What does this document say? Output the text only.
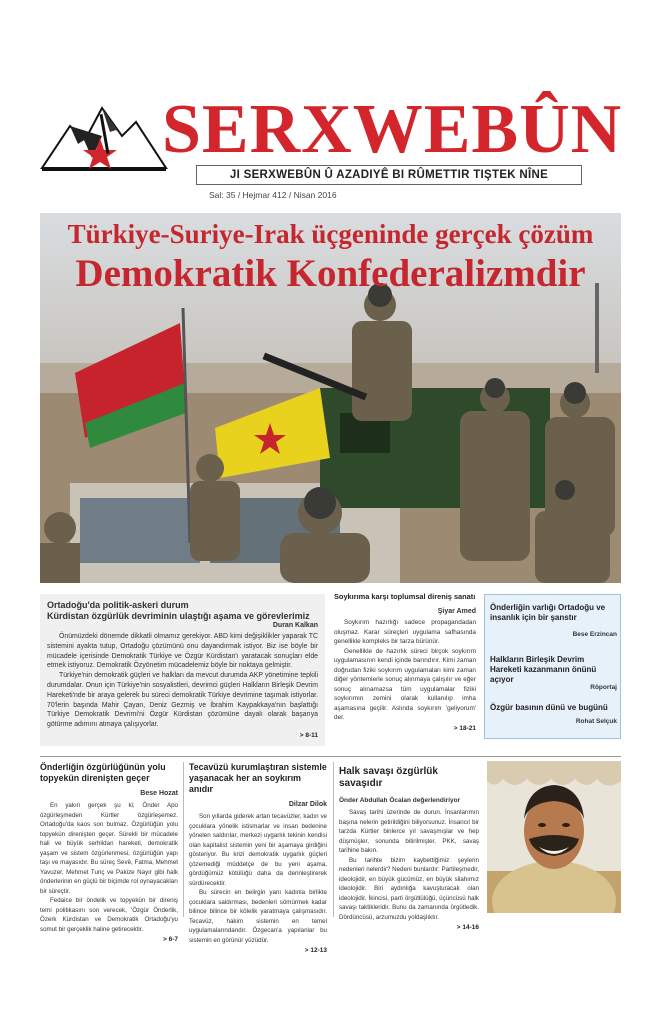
SERXWEBÛN
JI SERXWEBÛN Û AZADIYÊ BI RÛMETTIR TIŞTEK NÎNE
Sal: 35 / Hejmar 412 / Nisan 2016
Türkiye-Suriye-Irak üçgeninde gerçek çözüm
Demokratik Konfederalizmdir
Ortadoğu'da politik-askeri durum
Kürdistan özgürlük devriminin ulaştığı aşama ve görevlerimiz
Duran Kalkan

Önümüzdeki dönemde dikkatli olmamız gerekiyor. ABD kimi değişiklikler yaparak TC sistemini ayakta tutup, Ortadoğu çözümünü onu dayandırmak istiyor. Biz ise böyle bir mücadele içerisinde Demokratik Türkiye ve Özgür Kürdistan'ı yaratacak sonuçları elde etmek istiyoruz. Demokratik Özyönetim mücadelemiz böyle bir noktaya gelmiştir.

Türkiye'nin demokratik güçleri ve halkları da mevcut durumda AKP yönetimine tepkili durumdalar. Onun için Türkiye'nin sosyalistleri, devrimci güçleri Halkların Birleşik Devrim Hareketi'nde bir araya gelerek bu süreci demokratik Türkiye devrimine taşımak istiyorlar. 70'lerin başında Mahir Çayan, Deniz Gezmiş ve İbrahim Kaypakkaya'nın başlattığı Türkiye Demokratik Devrimi'ni Özgür Kürdistan çözümüne dayalı olarak başarıya götürme adımını atmaya çalışıyorlar.

> 8-11
Soykırıma karşı toplumsal direniş sanatı
Şiyar Amed

Soykırım hazırlığı sadece propagandadan oluşmaz. Karar süreçleri uygulama safhasında genellikle kompleks bir tarza bürünür.

Genellikle de hazırlık süreci birçok soykırım uygulamasının kendi içinde barındırır. Kimi zaman doğrudan fiziki soykırım uygulamaları kimi zaman diğer yöntemlerle sonuç alınmaya çalışılır ve eğer sonuç alınamazsa tüm uygulamalar fiziki soykırımın zemini olarak kullanılıp imha aşamasına geçilir. Aslında soykırım 'geliyorum' der.

> 18-21
Önderliğin varlığı Ortadoğu ve insanlık için bir şanstır
Bese Erzincan
Halkların Birleşik Devrim Hareketi kazanmanın önünü açıyor
Röportaj
Özgür basının dünü ve bugünü
Rohat Selçuk
Önderliğin özgürlüğünün yolu topyekün direnişten geçer
Bese Hozat

En yakın gerçek şu ki; Önder Apo özgürleşmeden Kürtler özgürleşemez. Ortadoğu'da kaos son bulmaz. Özgürlüğün yolu topyekün direnişten geçer. Sürekli bir mücadele hali ve büyük serhildan hareketi, demokratik yaşam ve sistem özgürlenmesi, özgürlüğün yapı taşı ve mayasıdır. Bu süreç Sevê, Fatma, Mehmet Yavuzer, Mehmet Tunç ve Pakize Nayır gibi halk önderlerinin en güçlü bir biçimde rol oynayacakları bir süreçtir.

Fedaice bir öndelik ve topyekün bir direniş temi politikasını son verecek, 'Özgür Önderlik, Özerk Kürdistan ve Demokratik Ortadoğu'yu somut bir gerçeklik haline getirecektir.

> 6-7
Tecavüzü kurumlaştıran sistemle yaşanacak her an soykırım anıdır
Dilzar Dilok

Son yıllarda giderek artan tecavüzler, kadın ve çocuklara yönelik istismarlar ve insan bedenine yönelen saldırılar, merkezi uygarlık tekinin kendisi olan kapitalist sistemin yeni bir aşamaya girdiğini gösteriyor. Bu krizi demokratik uygarlık güçleri çözemediği müddetçe de bu yeni aşama, gördüğümüz kötülüğü daha da derinleştirerek sürdürecektir.

Bu sürecin en belirgin yanı kadınla birlikte çocuklara saldırması, bedenleri sömürmek kadar bilince bilince bir kölelik yaratmaya çalışmasıdır. Tecavüz, hakim sistemin en temel uygulamalarındandır. Özgecan'a yapılanlar bu sistemin en görünür yüzüdür.

> 12-13
Halk savaşı özgürlük savaşıdır
Önder Abdullah Öcalan değerlendiriyor

Savaş tarihi üzerinde de durun. İnsanlarımın başına nelerin getirildiğini biliyorsunuz. İnsancıl bir tarzda Kürtler binlerce yıl savaşmışlar ve hep düşmüşler, sonunda bitirilmişler. PKK, savaş tarihine bakın.

Bu tarihte bizim kaybettiğimiz şeylerin nedenleri nelerdir? Nedeni bunlardır: Partileşmedir, ideolojidir, en büyük gücümüz, en büyük silahımız ideolojidir. Biri aydınlığa kavuşturacak olan ideolojidir. İkincisi, parti örgütlülüğü, üçüncüsü halk savaşı taktikleridir. Bunu da zamanında örgütledik. Dördüncüsü, arzumuzdu yoldaşlıktır.

> 14-16
